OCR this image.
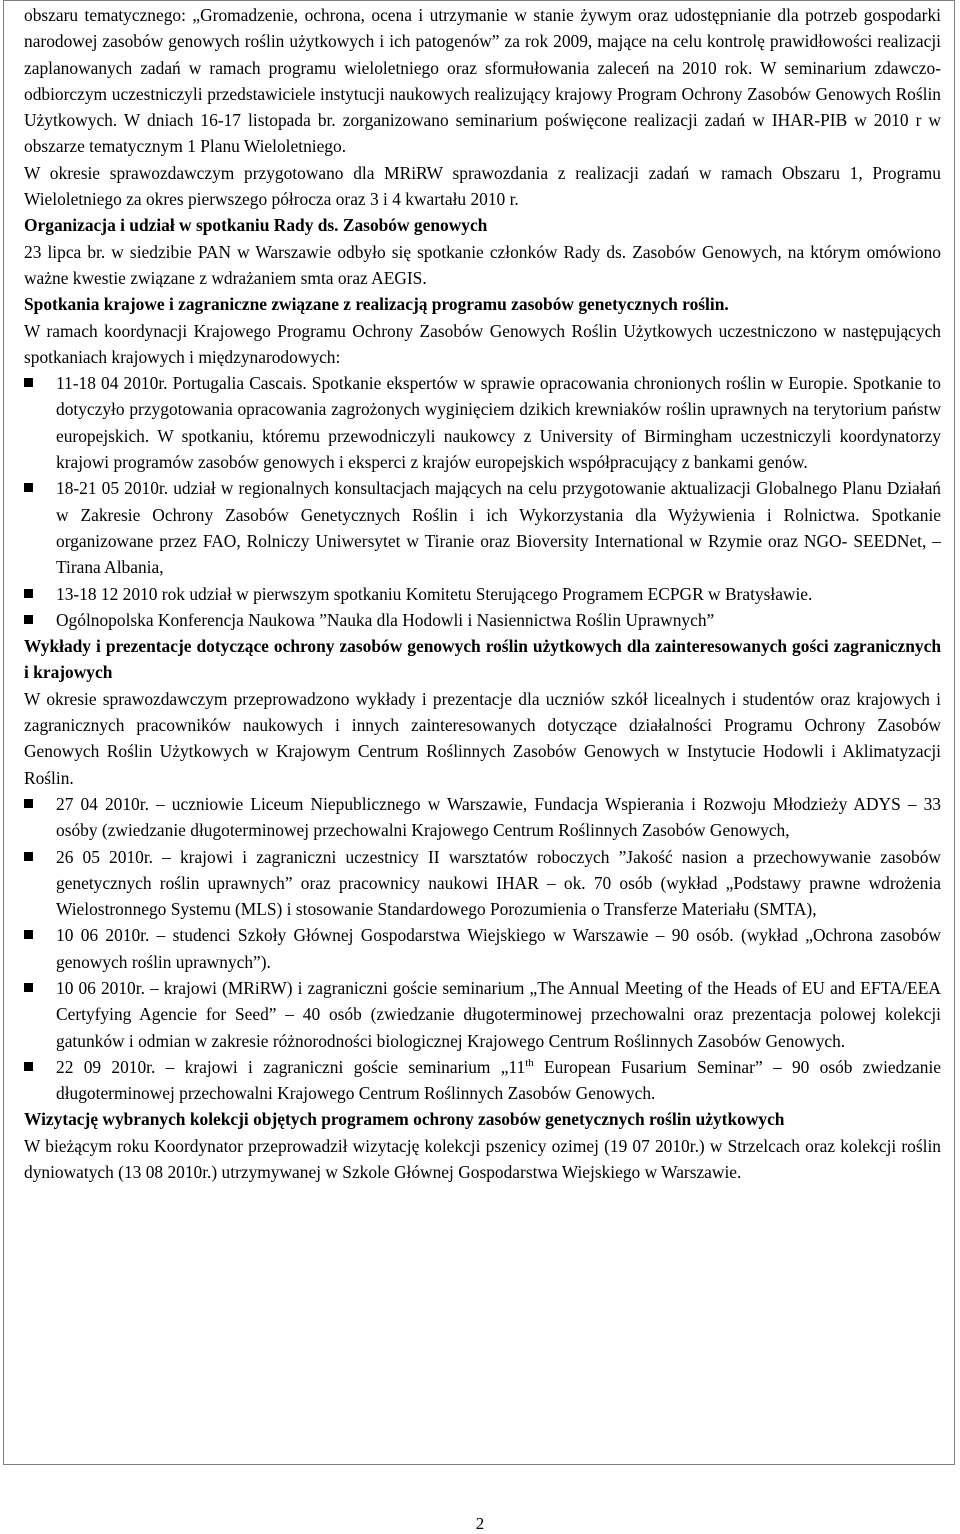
obszaru tematycznego: „Gromadzenie, ochrona, ocena i utrzymanie w stanie żywym oraz udostępnianie dla potrzeb gospodarki narodowej zasobów genowych roślin użytkowych i ich patogenów” za rok 2009, mające na celu kontrolę prawidłowości realizacji zaplanowanych zadań w ramach programu wieloletniego oraz sformułowania zaleceń na 2010 rok. W seminarium zdawczo-odbiorczym uczestniczyli przedstawiciele instytucji naukowych realizujący krajowy Program Ochrony Zasobów Genowych Roślin Użytkowych. W dniach 16-17 listopada br. zorganizowano seminarium poświęcone realizacji zadań w IHAR-PIB w 2010 r w obszarze tematycznym 1 Planu Wieloletniego.

W okresie sprawozdawczym przygotowano dla MRiRW sprawozdania z realizacji zadań w ramach Obszaru 1, Programu Wieloletniego za okres pierwszego półrocza oraz 3 i 4 kwartału 2010 r.

Organizacja i udział w spotkaniu Rady ds. Zasobów genowych

23 lipca br. w siedzibie PAN w Warszawie odbyło się spotkanie członków Rady ds. Zasobów Genowych, na którym omówiono ważne kwestie związane z wdrażaniem smta oraz AEGIS.

Spotkania krajowe i zagraniczne związane z realizacją programu zasobów genetycznych roślin.

W ramach koordynacji Krajowego Programu Ochrony Zasobów Genowych Roślin Użytkowych uczestniczono w następujących spotkaniach krajowych i międzynarodowych:

11-18 04 2010r. Portugalia Cascais. Spotkanie ekspertów w sprawie opracowania chronionych roślin w Europie. Spotkanie to dotyczyło przygotowania opracowania zagrożonych wyginięciem dzikich krewniaków roślin uprawnych na terytorium państw europejskich. W spotkaniu, któremu przewodniczyli naukowcy z University of Birmingham uczestniczyli koordynatorzy krajowi programów zasobów genowych i eksperci z krajów europejskich współpracujący z bankami genów.
18-21 05 2010r. udział w regionalnych konsultacjach mających na celu przygotowanie aktualizacji Globalnego Planu Działań w Zakresie Ochrony Zasobów Genetycznych Roślin i ich Wykorzystania dla Wyżywienia i Rolnictwa. Spotkanie organizowane przez FAO, Rolniczy Uniwersytet w Tiranie oraz Bioversity International w Rzymie oraz NGO- SEEDNet, – Tirana Albania,
13-18 12 2010 rok udział w pierwszym spotkaniu Komitetu Sterującego Programem ECPGR w Bratysławie.
Ogólnopolska Konferencja Naukowa ”Nauka dla Hodowli i Nasiennictwa Roślin Uprawnych”

Wykłady i prezentacje dotyczące ochrony zasobów genowych roślin użytkowych dla zainteresowanych gości zagranicznych i krajowych

W okresie sprawozdawczym przeprowadzono wykłady i prezentacje dla uczniów szkół licealnych i studentów oraz krajowych i zagranicznych pracowników naukowych i innych zainteresowanych dotyczące działalności Programu Ochrony Zasobów Genowych Roślin Użytkowych w Krajowym Centrum Roślinnych Zasobów Genowych w Instytucie Hodowli i Aklimatyzacji Roślin.

27 04 2010r. – uczniowie Liceum Niepublicznego w Warszawie, Fundacja Wspierania i Rozwoju Młodzieży ADYS – 33 osóby (zwiedzanie długoterminowej przechowalni Krajowego Centrum Roślinnych Zasobów Genowych,
26 05 2010r. – krajowi i zagraniczni uczestnicy II warsztatów roboczych ”Jakość nasion a przechowywanie zasobów genetycznych roślin uprawnych” oraz pracownicy naukowi IHAR – ok. 70 osób (wykład „Podstawy prawne wdrożenia Wielostronnego Systemu (MLS) i stosowanie Standardowego Porozumienia o Transferze Materiału (SMTA),
10 06 2010r. – studenci Szkoły Głównej Gospodarstwa Wiejskiego w Warszawie – 90 osób. (wykład „Ochrona zasobów genowych roślin uprawnych”).
10 06 2010r. – krajowi (MRiRW) i zagraniczni goście seminarium „The Annual Meeting of the Heads of EU and EFTA/EEA Certyfying Agencie for Seed” – 40 osób (zwiedzanie długoterminowej przechowalni oraz prezentacja polowej kolekcji gatunków i odmian w zakresie różnorodności biologicznej Krajowego Centrum Roślinnych Zasobów Genowych.
22 09 2010r. – krajowi i zagraniczni goście seminarium „11th European Fusarium Seminar” – 90 osób zwiedzanie długoterminowej przechowalni Krajowego Centrum Roślinnych Zasobów Genowych.

Wizytację wybranych kolekcji objętych programem ochrony zasobów genetycznych roślin użytkowych

W bieżącym roku Koordynator przeprowadził wizytację kolekcji pszenicy ozimej (19 07 2010r.) w Strzelcach oraz kolekcji roślin dyniowatych (13 08 2010r.) utrzymywanej w Szkole Głównej Gospodarstwa Wiejskiego w Warszawie.

2
